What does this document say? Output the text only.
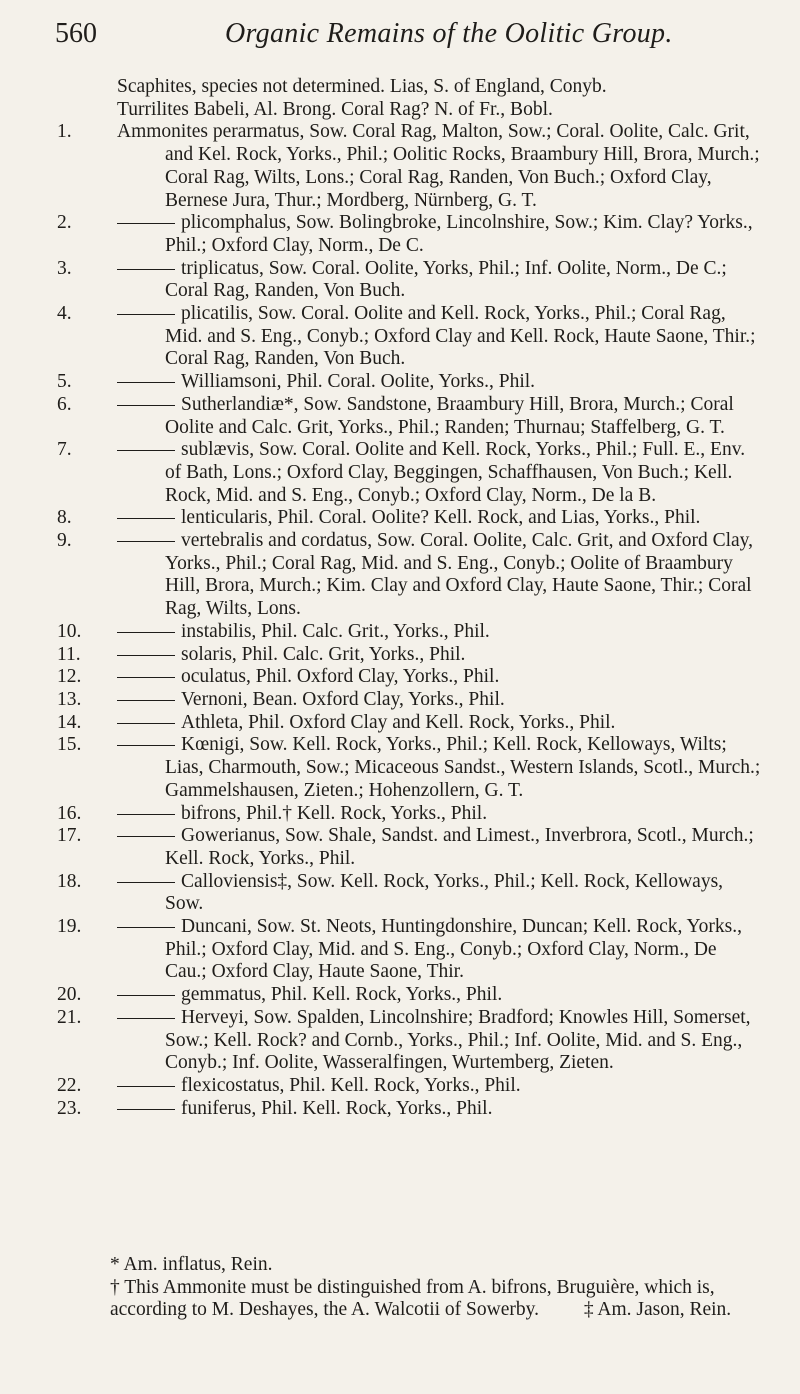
560	Organic Remains of the Oolitic Group.
Scaphites, species not determined. Lias, S. of England, Conyb.
Turrilites Babeli, Al. Brong. Coral Rag? N. of Fr., Bobl.
1.	Ammonites perarmatus, Sow. Coral Rag, Malton, Sow.; Coral. Oolite, Calc. Grit, and Kel. Rock, Yorks., Phil.; Oolitic Rocks, Braambury Hill, Brora, Murch.; Coral Rag, Wilts, Lons.; Coral Rag, Randen, Von Buch.; Oxford Clay, Bernese Jura, Thur.; Mordberg, Nürnberg, G. T.
2.	plicomphalus, Sow. Bolingbroke, Lincolnshire, Sow.; Kim. Clay? Yorks., Phil.; Oxford Clay, Norm., De C.
3.	triplicatus, Sow. Coral. Oolite, Yorks, Phil.; Inf. Oolite, Norm., De C.; Coral Rag, Randen, Von Buch.
4.	plicatilis, Sow. Coral. Oolite and Kell. Rock, Yorks., Phil.; Coral Rag, Mid. and S. Eng., Conyb.; Oxford Clay and Kell. Rock, Haute Saone, Thir.; Coral Rag, Randen, Von Buch.
5.	Williamsoni, Phil. Coral. Oolite, Yorks., Phil.
6.	Sutherlandiæ*, Sow. Sandstone, Braambury Hill, Brora, Murch.; Coral Oolite and Calc. Grit, Yorks., Phil.; Randen; Thurnau; Staffelberg, G. T.
7.	sublævis, Sow. Coral. Oolite and Kell. Rock, Yorks., Phil.; Full. E., Env. of Bath, Lons.; Oxford Clay, Beggingen, Schaffhausen, Von Buch.; Kell. Rock, Mid. and S. Eng., Conyb.; Oxford Clay, Norm., De la B.
8.	lenticularis, Phil. Coral. Oolite? Kell. Rock, and Lias, Yorks., Phil.
9.	vertebralis and cordatus, Sow. Coral. Oolite, Calc. Grit, and Oxford Clay, Yorks., Phil.; Coral Rag, Mid. and S. Eng., Conyb.; Oolite of Braambury Hill, Brora, Murch.; Kim. Clay and Oxford Clay, Haute Saone, Thir.; Coral Rag, Wilts, Lons.
10.	instabilis, Phil. Calc. Grit., Yorks., Phil.
11.	solaris, Phil. Calc. Grit, Yorks., Phil.
12.	oculatus, Phil. Oxford Clay, Yorks., Phil.
13.	Vernoni, Bean. Oxford Clay, Yorks., Phil.
14.	Athleta, Phil. Oxford Clay and Kell. Rock, Yorks., Phil.
15.	Kœnigi, Sow. Kell. Rock, Yorks., Phil.; Kell. Rock, Kelloways, Wilts; Lias, Charmouth, Sow.; Micaceous Sandst., Western Islands, Scotl., Murch.; Gammelshausen, Zieten.; Hohenzollern, G. T.
16.	bifrons, Phil.† Kell. Rock, Yorks., Phil.
17.	Gowerianus, Sow. Shale, Sandst. and Limest., Inverbrora, Scotl., Murch.; Kell. Rock, Yorks., Phil.
18.	Calloviensis‡, Sow. Kell. Rock, Yorks., Phil.; Kell. Rock, Kelloways, Sow.
19.	Duncani, Sow. St. Neots, Huntingdonshire, Duncan; Kell. Rock, Yorks., Phil.; Oxford Clay, Mid. and S. Eng., Conyb.; Oxford Clay, Norm., De Cau.; Oxford Clay, Haute Saone, Thir.
20.	gemmatus, Phil. Kell. Rock, Yorks., Phil.
21.	Herveyi, Sow. Spalden, Lincolnshire; Bradford; Knowles Hill, Somerset, Sow.; Kell. Rock? and Cornb., Yorks., Phil.; Inf. Oolite, Mid. and S. Eng., Conyb.; Inf. Oolite, Wasseralfingen, Wurtemberg, Zieten.
22.	flexicostatus, Phil. Kell. Rock, Yorks., Phil.
23.	funiferus, Phil. Kell. Rock, Yorks., Phil.
* Am. inflatus, Rein.
† This Ammonite must be distinguished from A. bifrons, Bruguière, which is, according to M. Deshayes, the A. Walcotii of Sowerby. ‡ Am. Jason, Rein.
